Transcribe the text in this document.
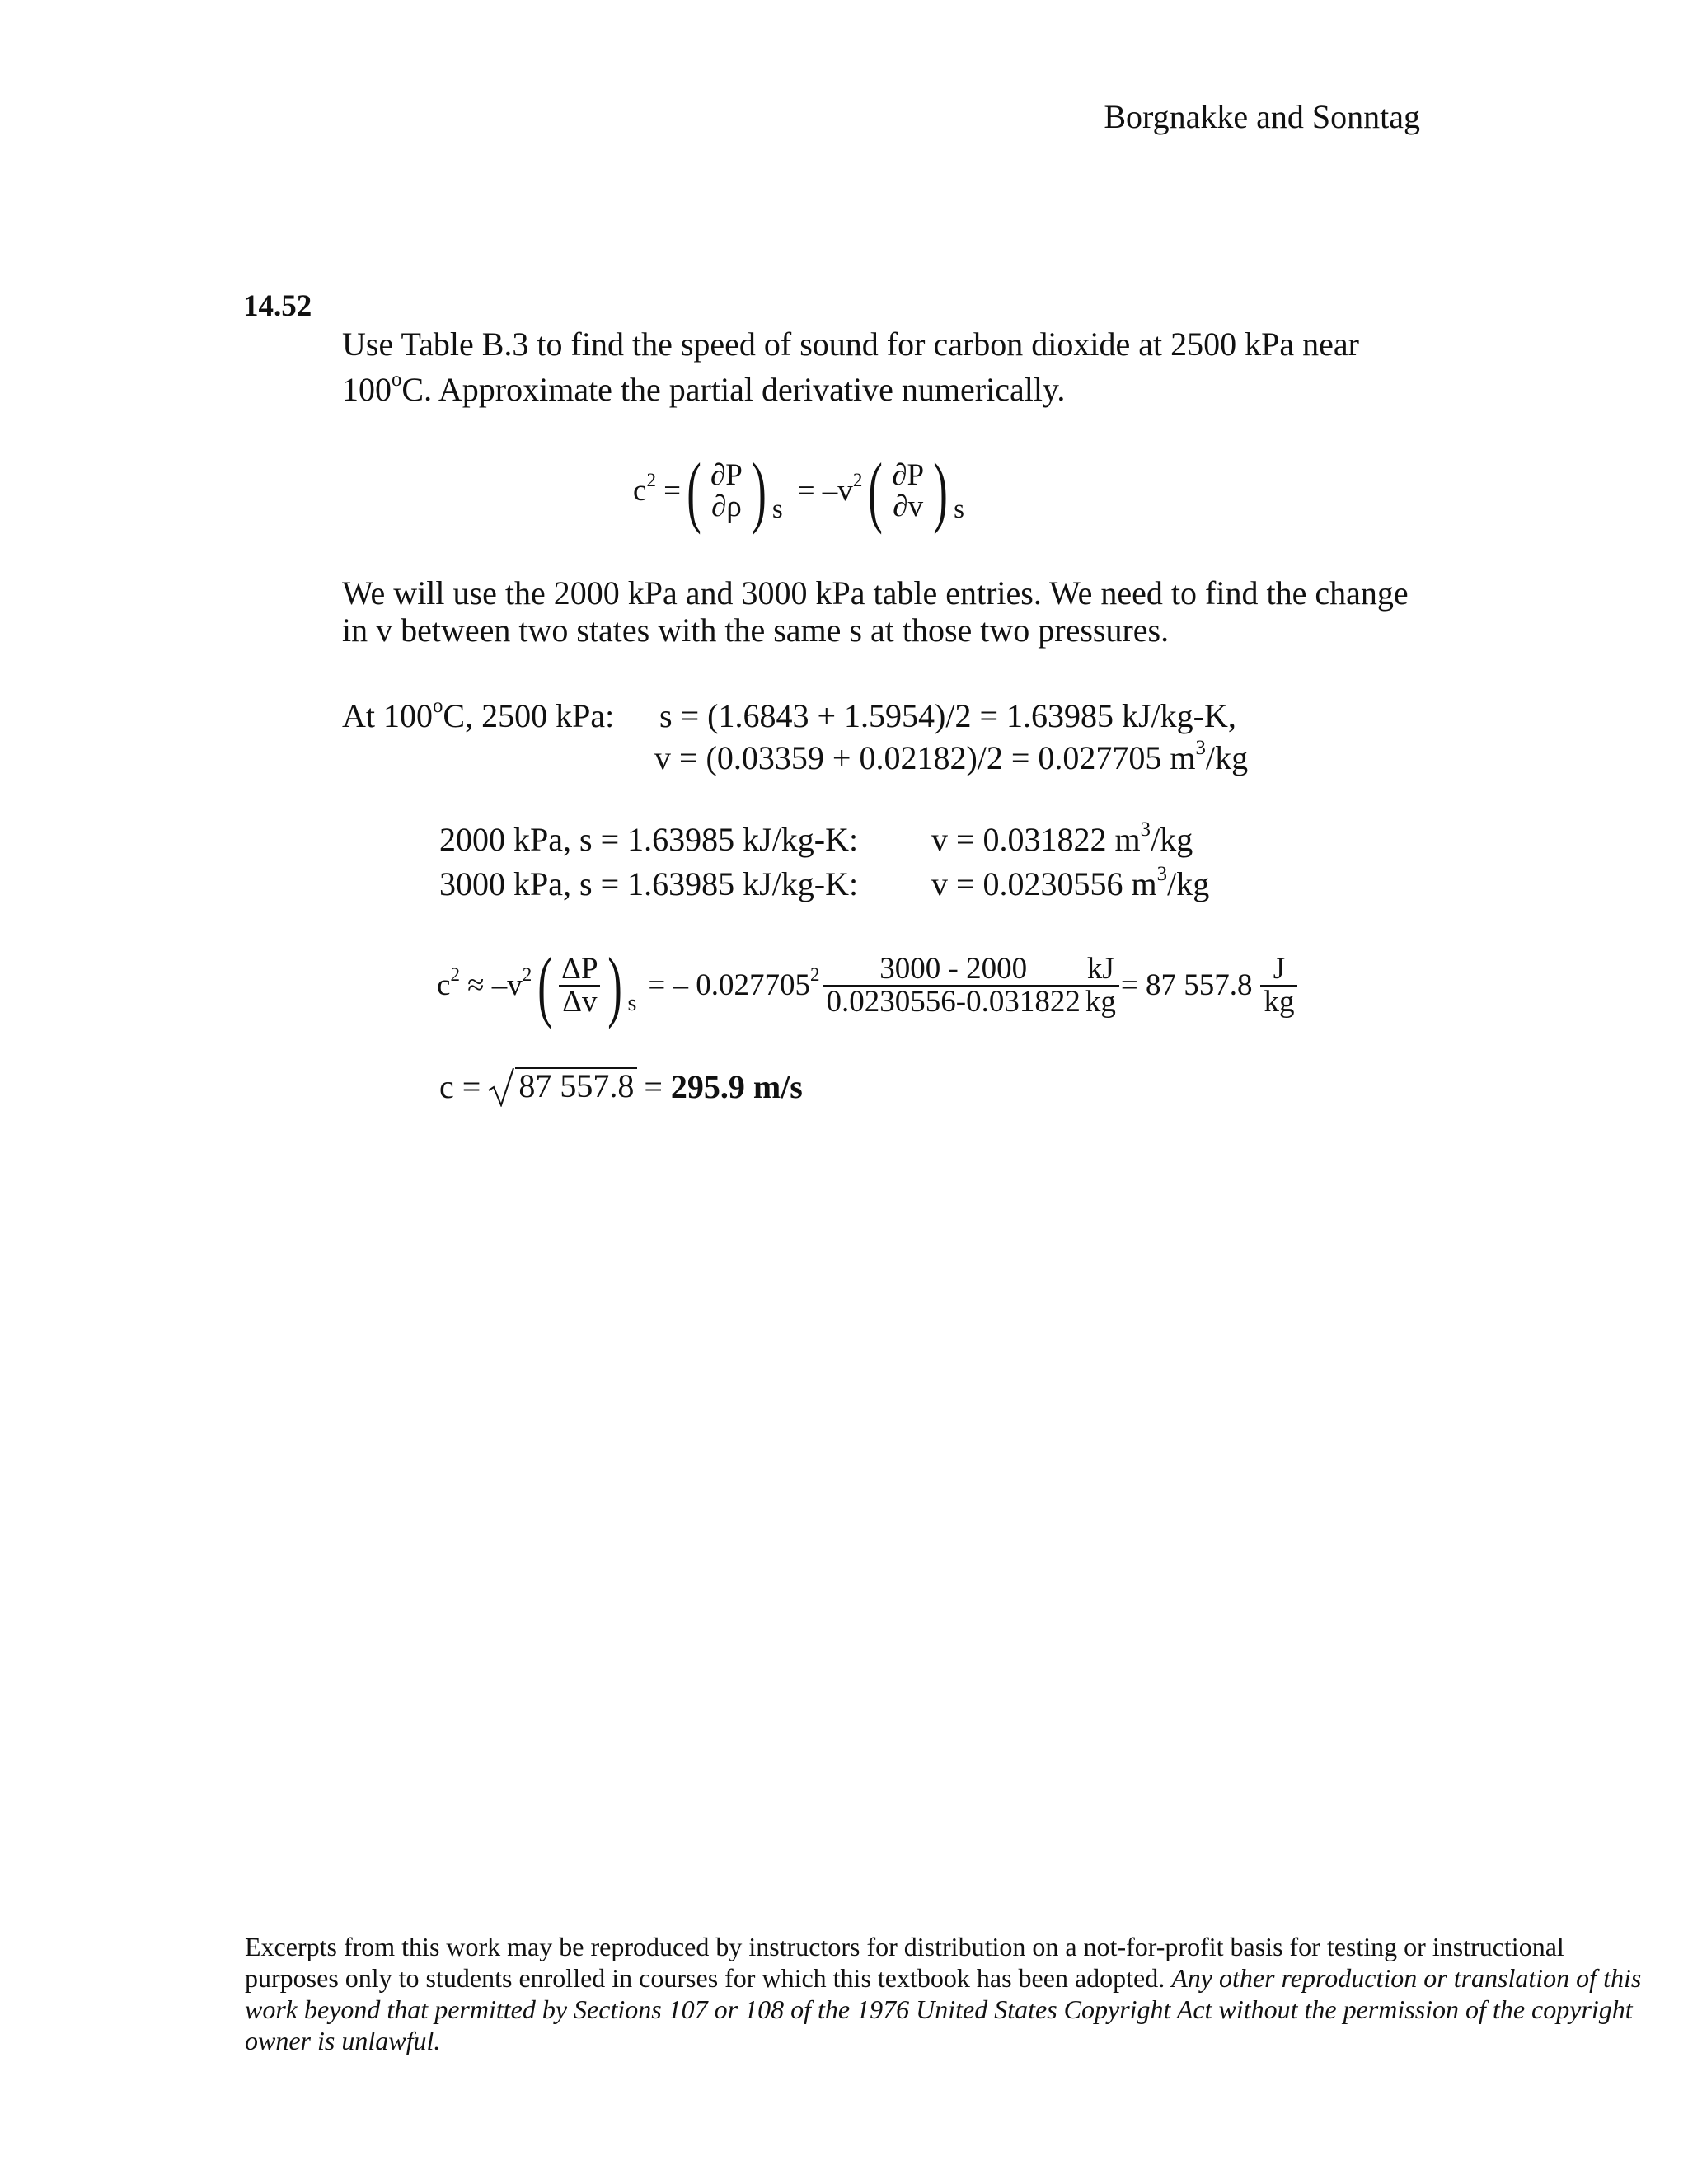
Borgnakke and Sonntag
14.52
Use Table B.3 to find the speed of sound for carbon dioxide at 2500 kPa near
100$^o$C. Approximate the partial derivative numerically.
$c^2$ = ( ∂P
∂ρ ) s
= $-v^2$ ( ∂P
∂v ) s
We will use the 2000 kPa and 3000 kPa table entries. We need to find the change
in v between two states with the same s at those two pressures.
At 100$^o$C, 2500 kPa: s = (1.6843 + 1.5954)/2 = 1.63985 kJ/kg-K,
v = (0.03359 + 0.02182)/2 = 0.027705 $m^3/kg$
2000 kPa, s = 1.63985 kJ/kg-K: v = 0.031822 $m^3/kg$
3000 kPa, s = 1.63985 kJ/kg-K: v = 0.0230556 $m^3/kg$
$c^2 \approx -v^2$ ( $\frac{\Delta P}{\Delta v}$ ) s
= – $0.027705^2 \frac{3000 - 2000}{0.0230556-0.031822}$
$\frac{kJ}{kg} = 87$ $557.8 \frac{J}{kg}$
c = 87 557.8 = 295.9 m/s
Excerpts from this work may be reproduced by instructors for distribution on a not-for-profit basis for testing or instructional purposes only to students enrolled in courses for which this textbook has been adopted. Any other reproduction or translation of this work beyond that permitted by Sections 107 or 108 of the 1976 United States Copyright Act without the permission of the copyright owner is unlawful.
